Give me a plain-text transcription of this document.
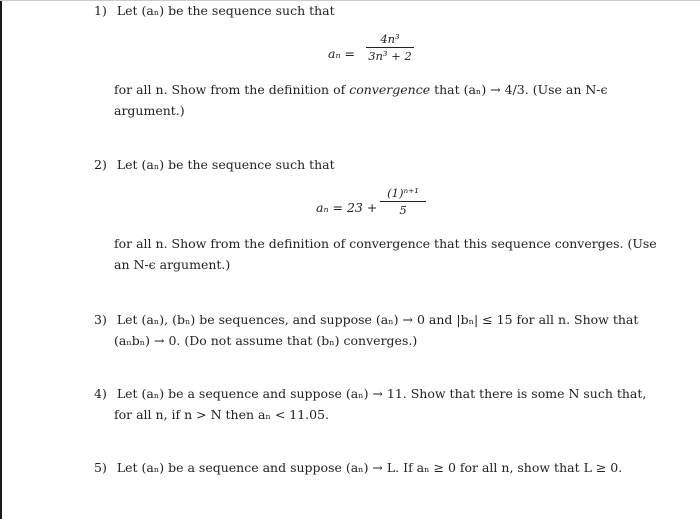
1) Let (aₙ) be the sequence such that
aₙ =
4n³
3n³ + 2
for all n. Show from the definition of convergence that (aₙ) → 4/3. (Use an N-ϵ
argument.)
2) Let (aₙ) be the sequence such that
aₙ = 23 +
(1)ⁿ⁺¹
5
for all n. Show from the definition of convergence that this sequence converges. (Use
an N-ϵ argument.)
3) Let (aₙ), (bₙ) be sequences, and suppose (aₙ) → 0 and |bₙ| ≤ 15 for all n. Show that
(aₙbₙ) → 0. (Do not assume that (bₙ) converges.)
4) Let (aₙ) be a sequence and suppose (aₙ) → 11. Show that there is some N such that,
for all n, if n > N then aₙ < 11.05.
5) Let (aₙ) be a sequence and suppose (aₙ) → L. If aₙ ≥ 0 for all n, show that L ≥ 0.
